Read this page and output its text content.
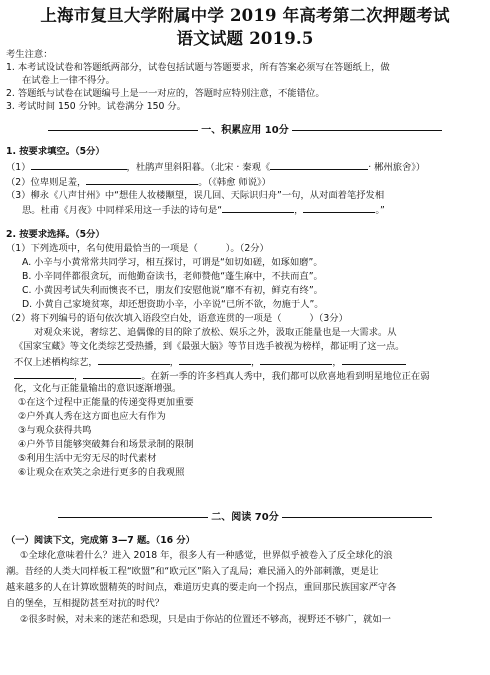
上海市复旦大学附属中学 2019 年高考第二次押题考试
语文试题 2019.5
考生注意：
1. 本考试设试卷和答题纸两部分，试卷包括试题与答题要求，所有答案必须写在答题纸上，做
在试卷上一律不得分。
2. 答题纸与试卷在试题编号上是一一对应的，答题时应特别注意，不能错位。
3. 考试时间 150 分钟。试卷满分 150 分。
一、积累应用 10分
1. 按要求填空。（5分）
（1）	，杜鹃声里斜阳暮。（北宋 · 秦观《	· 郴州旅舍》）
（2）位卑则足羞，	。（《韩愈 师说》）
（3）柳永《八声甘州》中“想佳人妆楼颙望，误几回、天际识归舟”一句，从对面着笔抒发相
思。杜甫《月夜》中同样采用这一手法的诗句是“	，	。”
2. 按要求选择。（5分）
（1）下列选项中，名句使用最恰当的一项是（　　　）。（2分）
A. 小辛与小黄常常共同学习，相互探讨，可谓是“如切如磋，如琢如磨”。
B. 小辛同伴都很贪玩，而他勤奋读书，老师赞他“蓬生麻中，不扶而直”。
C. 小黄因考试失利而懊丧不已，朋友们安慰他说“靡不有初，鲜克有终”。
D. 小黄自己家境贫寒，却还想资助小辛，小辛说“已所不欲，勿施于人”。
（2）将下列编号的语句依次填入语段空白处，语意连贯的一项是（　　　）（3分）
对观众来说，奢综艺、追偶像的目的除了放松、娱乐之外，汲取正能量也是一大需求。从
《国家宝藏》等文化类综艺受热播，到《最强大脑》等节目选手被视为榜样，都证明了这一点。
不仅上述栖构综艺，	，	，	，
，	。在新一季的许多档真人秀中，我们都可以欣喜地看到明星地位正在弱
化，文化与正能量输出的意识逐渐增强。
①在这个过程中正能量的传递变得更加重要
②户外真人秀在这方面也应大有作为
③与观众获得共鸣
④户外节目能够突破舞台和场景录制的限制
⑤利用生活中无穷无尽的时代素材
⑥让观众在欢笑之余进行更多的自我观照
二、阅读 70分
（一）阅读下文，完成第 3—7 题。（16 分）
①全球化意味着什么？进入 2018 年，很多人有一种感觉，世界似乎被卷入了反全球化的浪
潮。昔经的人类大同样板工程“欧盟”和“欧元区”陷入了乱局；难民涌入的外部刺激，更是让
越来越多的人在计算欧盟精英的时间点，难道历史真的要走向一个拐点，重回那民族国家严守各
自的堡垒，互相提防甚至对抗的时代？
②很多时候，对未来的迷茫和恐现，只是由于你站的位置还不够高，视野还不够广，就如一
